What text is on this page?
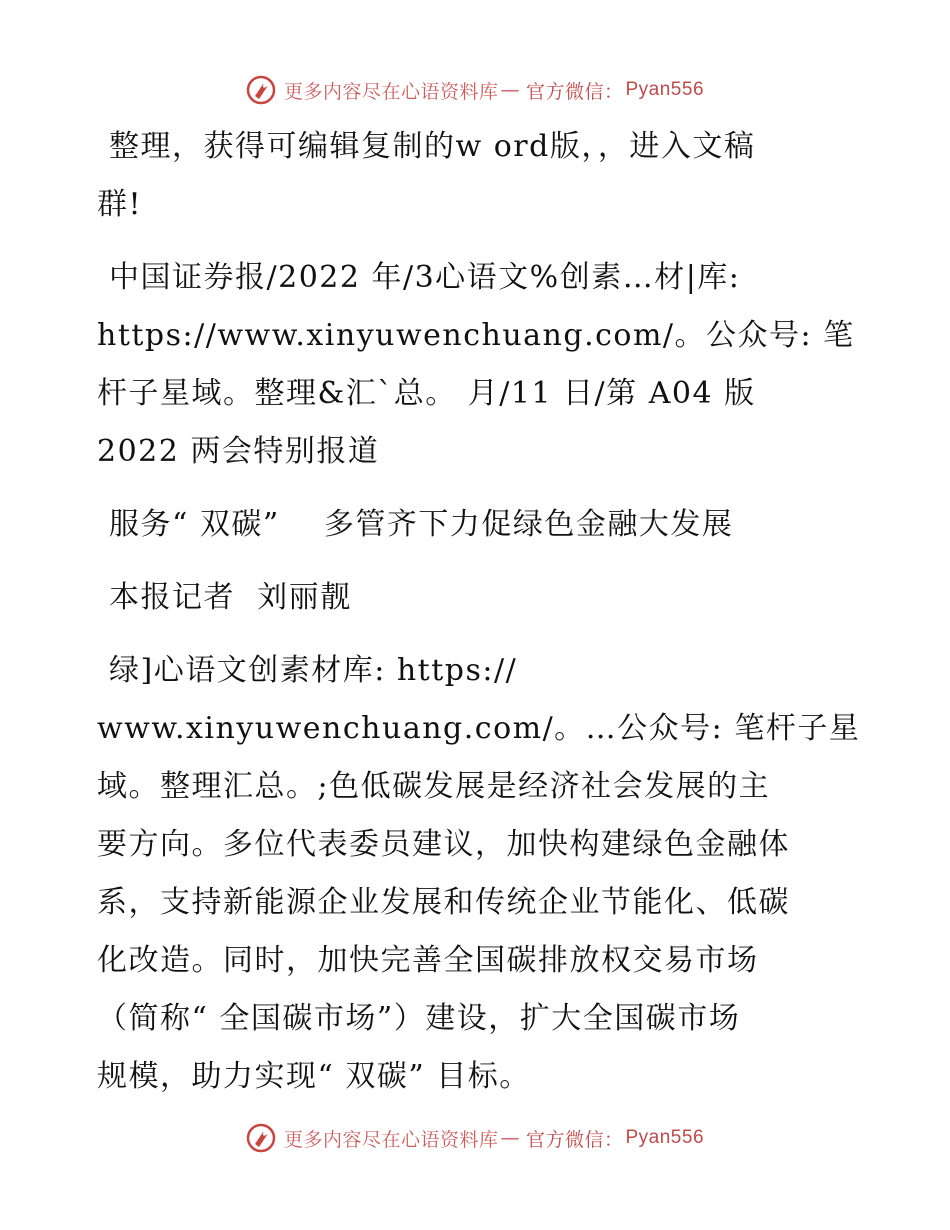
更多内容尽在心语资料库 — 官方微信： Pyan556
整理，获得可编辑复制的w ord版，，进入文稿
群!
中国证券报/2022 年/3心语文%创素…材|库:
https://www.xinyuwenchuang.com/。公众号: 笔
杆子星域。整理&汇`总。 月/11 日/第 A04 版
2022 两会特别报道
服务“ 双碳”    多管齐下力促绿色金融大发展
本报记者  刘丽靓
绿]心语文创素材库: https://
www.xinyuwenchuang.com/。…公众号: 笔杆子星
域。整理汇总。;色低碳发展是经济社会发展的主
要方向。多位代表委员建议，加快构建绿色金融体
系，支持新能源企业发展和传统企业节能化、低碳
化改造。同时，加快完善全国碳排放权交易市场
（简称“ 全国碳市场”）建设，扩大全国碳市场
规模，助力实现“ 双碳” 目标。
更多内容尽在心语资料库 — 官方微信： Pyan556
